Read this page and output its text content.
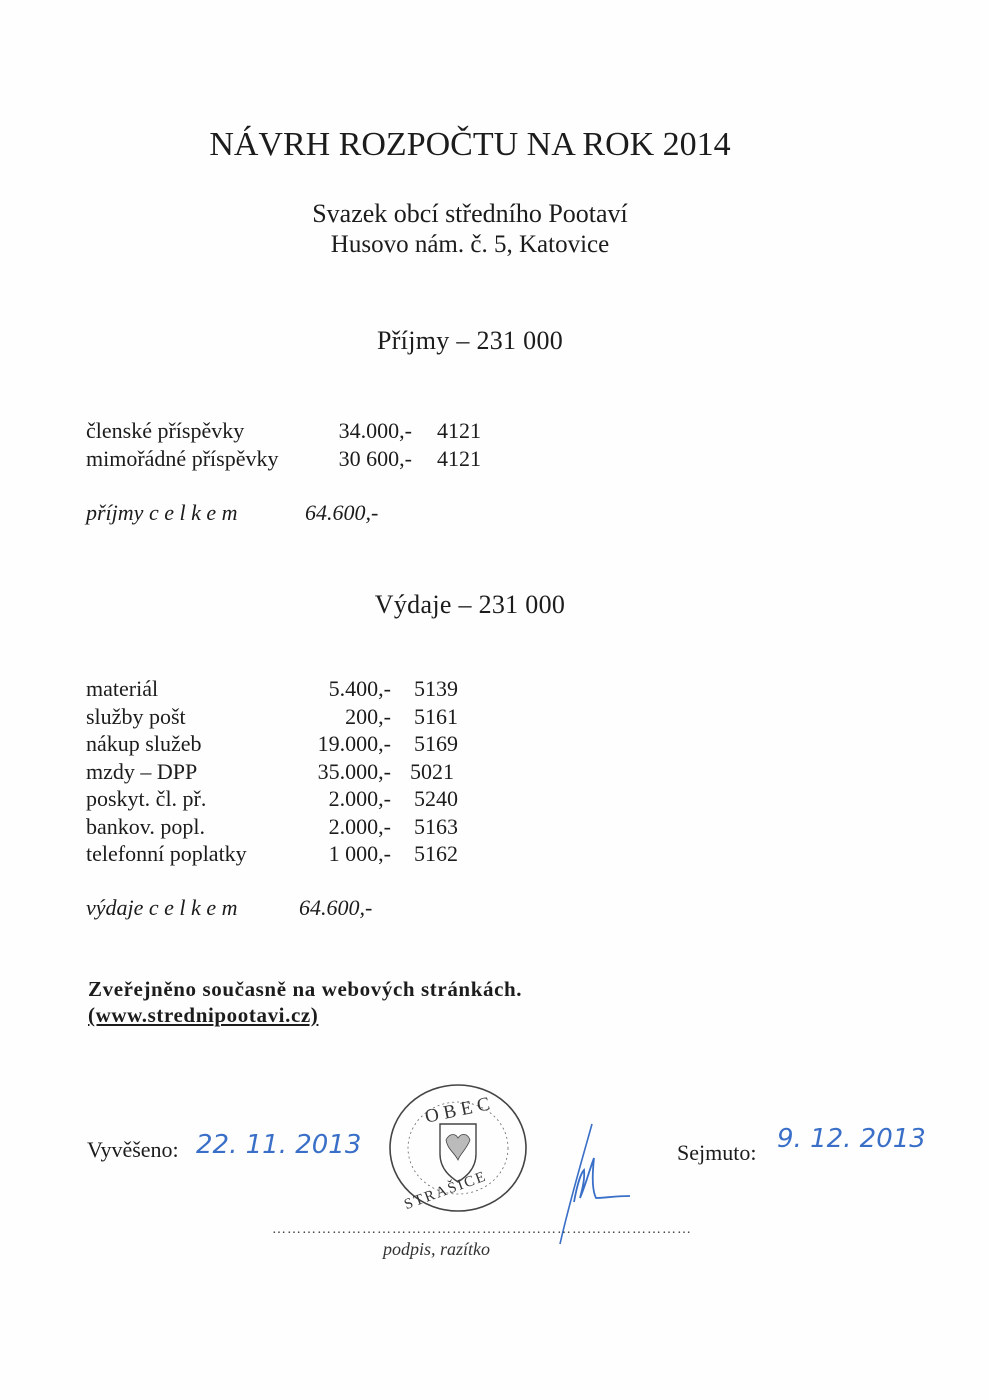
NÁVRH ROZPOČTU NA ROK 2014
Svazek obcí středního Pootaví
Husovo nám. č. 5, Katovice
Příjmy – 231 000
členské příspěvky	34.000,- 4121
mimořádné příspěvky	30 600,- 4121
příjmy c e l k e m	64.600,-
Výdaje – 231 000
materiál	5.400,- 5139
služby pošt	200,- 5161
nákup služeb	19.000,- 5169
mzdy – DPP	35.000,- 5021
poskyt. čl. př.	2.000,- 5240
bankov. popl.	2.000,- 5163
telefonní poplatky	1 000,- 5162
výdaje c e l k e m	64.600,-
Zveřejněno současně na webových stránkách.
(www.strednipootavi.cz)
Vyvěšeno: 22. 11. 2013	Sejmuto: 9. 12. 2013
OBEC
STRAŠICE
…………………………………………………………………………
podpis, razítko
